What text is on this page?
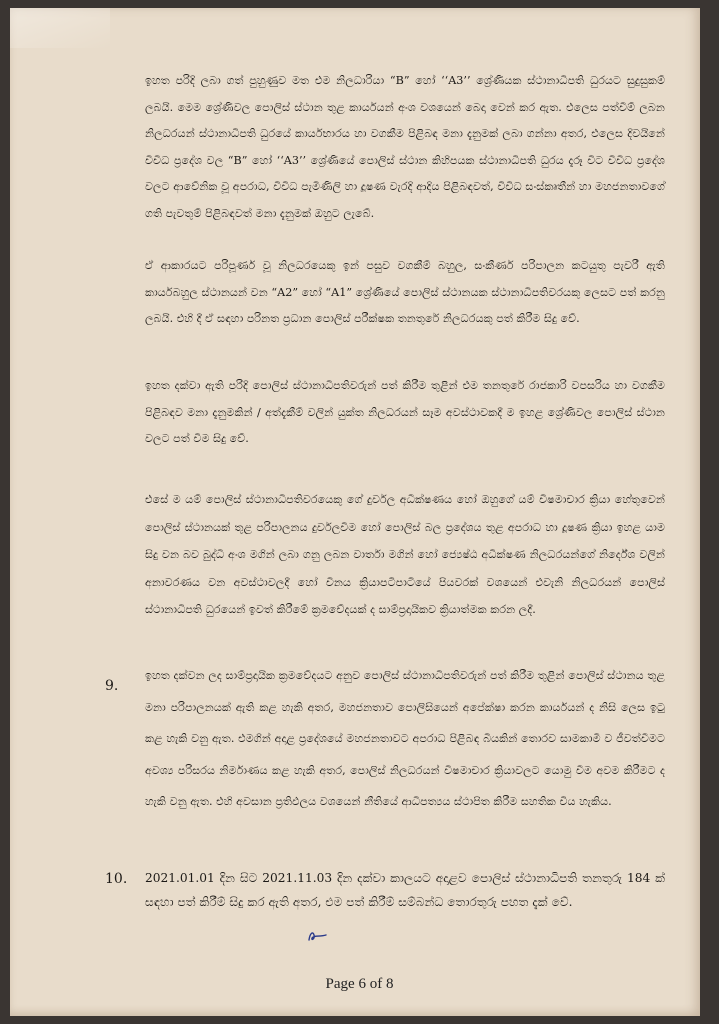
ඉහත පරිදි ලබා ගත් පුහුණුව මත එම නිලධාරියා “B” හෝ ‘‘A3’’ ශ්‍රේණියක ස්ථානාධිපති ධුරයට සුදුසුකම් ලබයි. මෙම ශ්‍රේණිවල පොලිස් ස්ථාන තුළ කාර්යයන් අංශ වශයෙන් බෙදා වෙන් කර ඇත. එලෙස පත්වීම් ලබන නිලධරයන් ස්ථානාධිපති ධුරයේ කාර්යභාරය හා වගකීම පිළිබඳ මනා දැනුමක් ලබා ගන්නා අතර, එලෙස දිවයිනේ විවිධ ප්‍රදේශ වල “B” හෝ ‘‘A3’’ ශ්‍රේණියේ පොලිස් ස්ථාන කිහිපයක ස්ථානාධිපති ධුරය දැරූ විට විවිධ ප්‍රදේශ වලට ආවේනික වූ අපරාධ, විවිධ පැමිණිලි හා දූෂණ වැරදි ආදිය පිළිබඳවත්, විවිධ සංස්කෘතීන් හා මහජනතාවගේ ගති පැවතුම් පිළිබඳවත් මනා දැනුමක් ඔහුට ලැබේ.

ඒ ආකාරයට පරිපූර්ණ වූ නිලධරයෙකු ඉන් පසුව වගකීම් බහුල, සංකීර්ණ පරිපාලන කටයුතු පැවරී ඇති කාර්යබහුල ස්ථානයන් වන “A2” හෝ “A1” ශ්‍රේණියේ පොලිස් ස්ථානයක ස්ථානාධිපතිවරයකු ලෙසට පත් කරනු ලබයි. එහි දී ඒ සඳහා පරිනත ප්‍රධාන පොලිස් පරීක්ෂක තනතුරේ නිලධරයකු පත් කිරීම සිදු වේ.

ඉහත දක්වා ඇති පරිදි පොලිස් ස්ථානාධිපතිවරුන් පත් කිරීම තුළින් එම තනතුරේ රාජකාරි වපසරිය හා වගකීම පිළිබඳව මනා දැනුමකින් / අත්දැකීම් වලින් යුක්ත නිලධරයන් සෑම අවස්ථාවකදී ම ඉහළ ශ්‍රේණිවල පොලිස් ස්ථාන වලට පත් වීම සිදු වේ.

එසේ ම යම් පොලිස් ස්ථානාධිපතිවරයෙකු ගේ දුර්වල අධීක්ෂණය හෝ ඔහුගේ යම් විෂමාචාර ක්‍රියා හේතුවෙන් පොලිස් ස්ථානයක් තුළ පරිපාලනය දුර්වලවීම හෝ පොලිස් බල ප්‍රදේශය තුළ අපරාධ හා දූෂණ ක්‍රියා ඉහළ යාම සිදු වන බව බුද්ධි අංශ මගින් ලබා ගනු ලබන වාර්තා මගින් හෝ ජ්‍යෙෂ්ඨ අධීක්ෂණ නිලධරයන්ගේ නිර්දේශ වලින් අනාවරණය වන අවස්ථාවලදී හෝ විනය ක්‍රියාපටිපාටියේ පියවරක් වශයෙන් එවැනි නිලධරයන් පොලිස් ස්ථානාධිපති ධුරයෙන් ඉවත් කිරීමේ ක්‍රමවේදයක් ද සාම්ප්‍රදායිකව ක්‍රියාත්මක කරන ලදී.

9.

ඉහත දක්වන ලද සාම්ප්‍රදායික ක්‍රමවේදයට අනුව පොලිස් ස්ථානාධිපතිවරුන් පත් කිරීම තුළින් පොලිස් ස්ථානය තුළ මනා පරිපාලනයක් ඇති කළ හැකි අතර, මහජනතාව පොලිසියෙන් අපේක්ෂා කරන කාර්යයන් ද නිසි ලෙස ඉටු කළ හැකි වනු ඇත. එමගින් අදාළ ප්‍රදේශයේ මහජනතාවට අපරාධ පිළිබඳ බියකින් තොරව සාමකාමී ව ජීවත්වීමට අවශ්‍ය පරිසරය නිර්මාණය කළ හැකි අතර, පොලිස් නිලධරයන් විෂමාචාර ක්‍රියාවලට යොමු වීම අවම කිරීමට ද හැකි වනු ඇත. එහි අවසාන ප්‍රතිඵලය වශයෙන් නීතියේ ආධිපත්‍යය ස්ථාපිත කිරීම සහතික විය හැකිය.

10. 2021.01.01 දින සිට 2021.11.03 දින දක්වා කාලයට අදාළව පොලිස් ස්ථානාධිපති තනතුරු 184 ක් සඳහා පත් කිරීම් සිදු කර ඇති අතර, එම පත් කිරීම් සම්බන්ධ තොරතුරු පහත දැක් වේ.

Page 6 of 8
